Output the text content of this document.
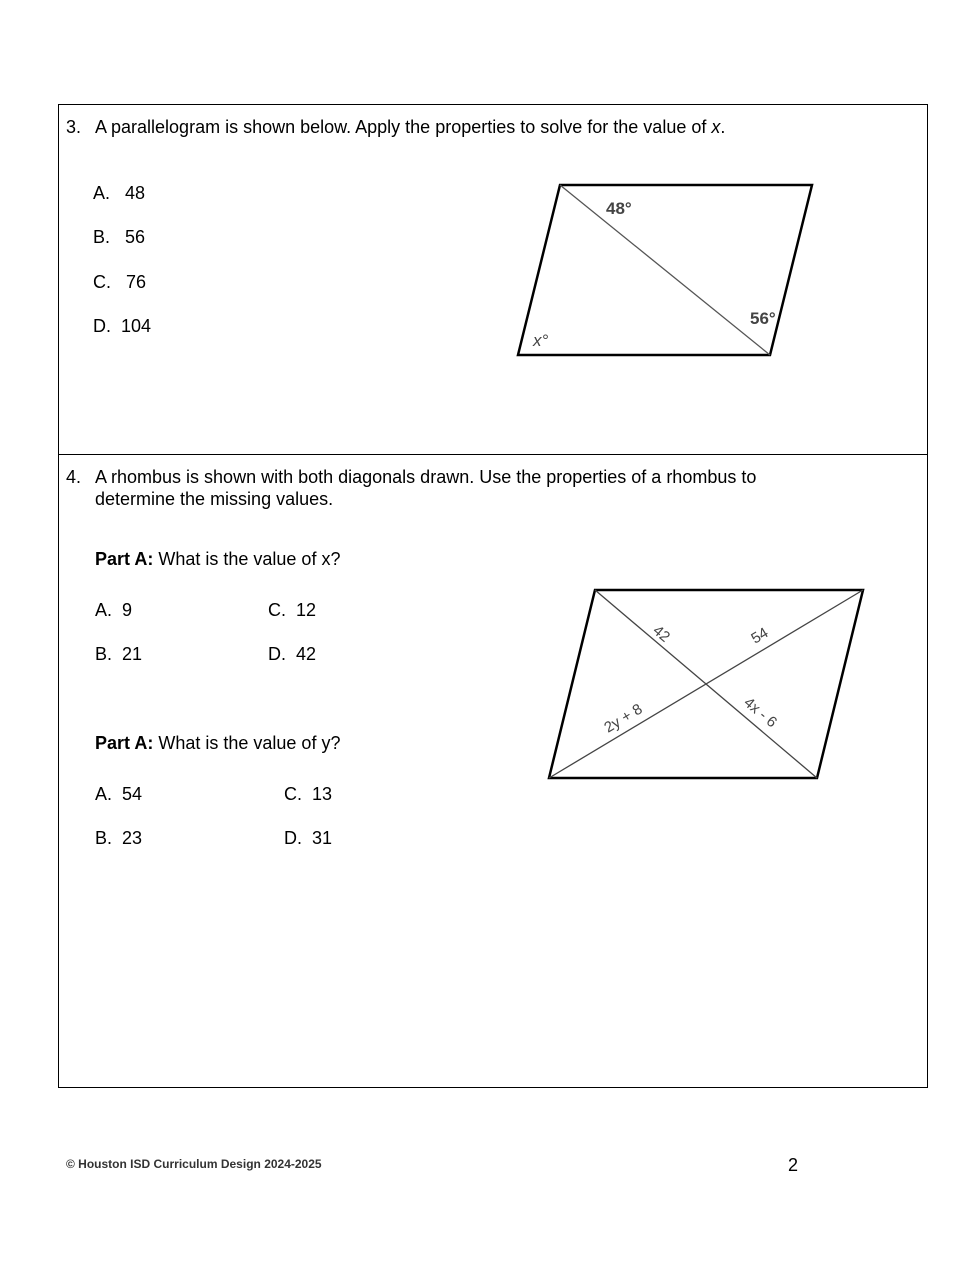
3. A parallelogram is shown below. Apply the properties to solve for the value of x.
A. 48
B. 56
C. 76
D. 104
48°
56°
x°
4. A rhombus is shown with both diagonals drawn. Use the properties of a rhombus to
determine the missing values.
Part A: What is the value of x?
A. 9	C. 12
B. 21	D. 42
Part A: What is the value of y?
A. 54	C. 13
B. 23	D. 31
42	54
2y + 8	4x - 6
© Houston ISD Curriculum Design 2024-2025	2
